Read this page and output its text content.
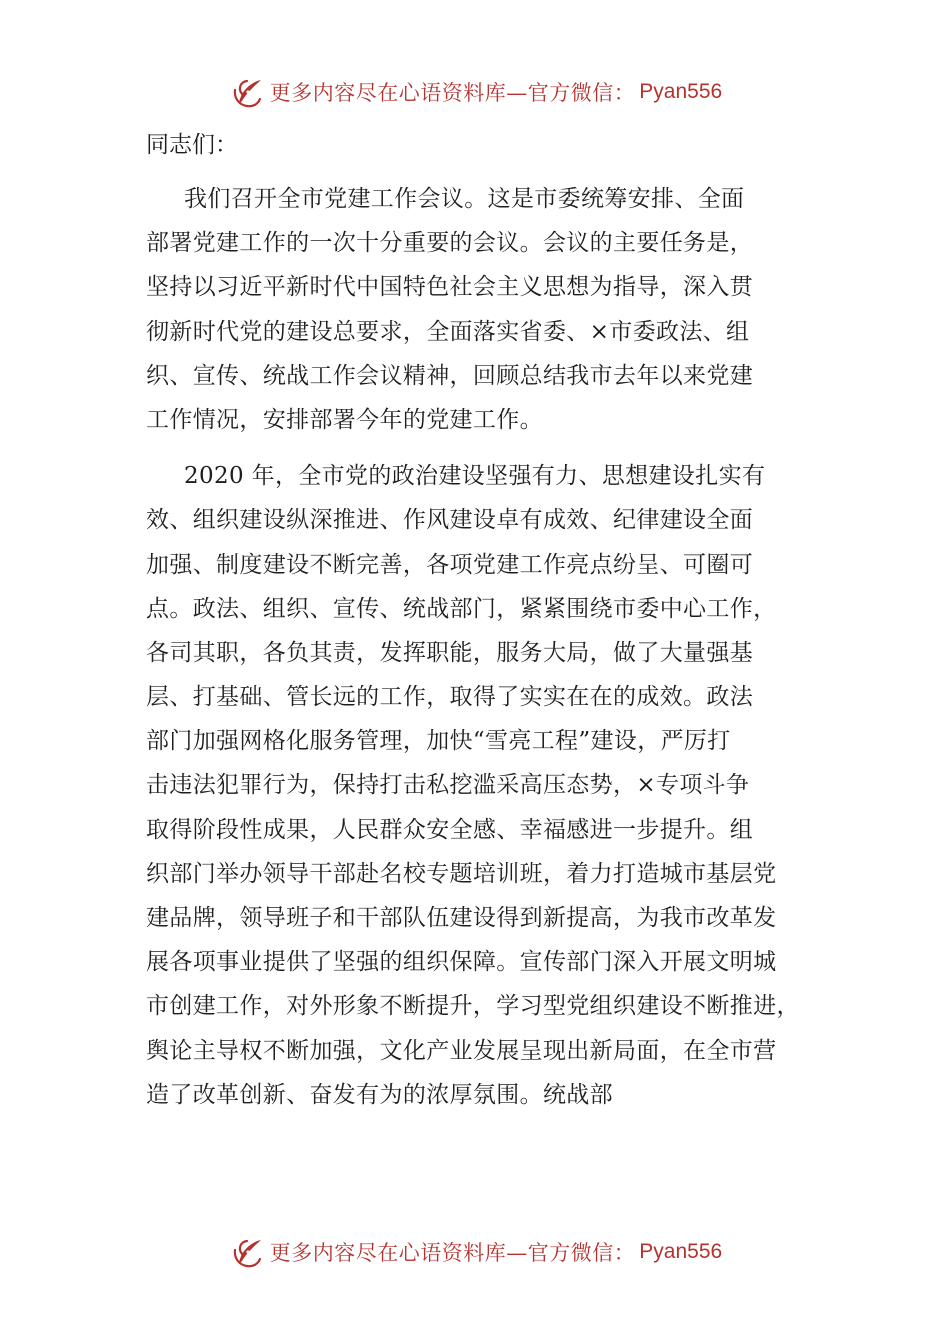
更多内容尽在心语资料库—官方微信： Pyan556
同志们：
我们召开全市党建工作会议。这是市委统筹安排、全面
部署党建工作的一次十分重要的会议。会议的主要任务是，
坚持以习近平新时代中国特色社会主义思想为指导，深入贯
彻新时代党的建设总要求，全面落实省委、×市委政法、组
织、宣传、统战工作会议精神，回顾总结我市去年以来党建
工作情况，安排部署今年的党建工作。
2020 年，全市党的政治建设坚强有力、思想建设扎实有
效、组织建设纵深推进、作风建设卓有成效、纪律建设全面
加强、制度建设不断完善，各项党建工作亮点纷呈、可圈可
点。政法、组织、宣传、统战部门，紧紧围绕市委中心工作，
各司其职，各负其责，发挥职能，服务大局，做了大量强基
层、打基础、管长远的工作，取得了实实在在的成效。政法
部门加强网格化服务管理，加快“雪亮工程”建设，严厉打
击违法犯罪行为，保持打击私挖滥采高压态势，×专项斗争
取得阶段性成果，人民群众安全感、幸福感进一步提升。组
织部门举办领导干部赴名校专题培训班，着力打造城市基层党
建品牌，领导班子和干部队伍建设得到新提高，为我市改革发
展各项事业提供了坚强的组织保障。宣传部门深入开展文明城
市创建工作，对外形象不断提升，学习型党组织建设不断推进，
舆论主导权不断加强，文化产业发展呈现出新局面，在全市营
造了改革创新、奋发有为的浓厚氛围。统战部
更多内容尽在心语资料库—官方微信： Pyan556
